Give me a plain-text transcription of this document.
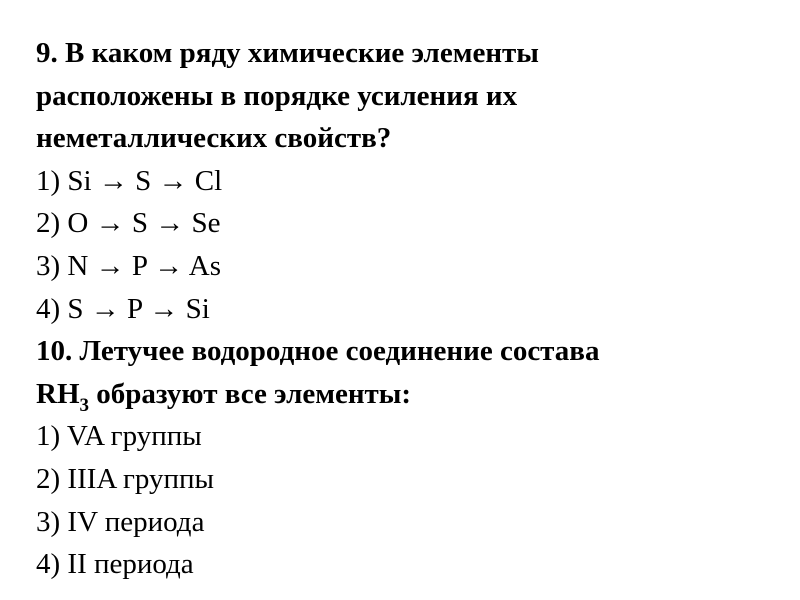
9. В каком ряду химические элементы
расположены в порядке усиления их
неметаллических свойств?
1) Si → S → Cl
2) O → S → Se
3) N → P → As
4) S → P → Si
10. Летучее водородное соединение состава
$RH_3$ образуют все элементы:
1) VA группы
2) IIIA группы
3) IV периода
4) II периода
